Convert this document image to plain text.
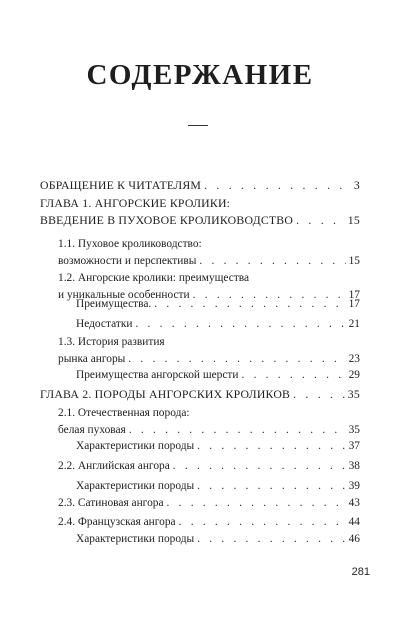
СОДЕРЖАНИЕ
ОБРАЩЕНИЕ К ЧИТАТЕЛЯМ . . .	3
ГЛАВА 1. АНГОРСКИЕ КРОЛИКИ:
ВВЕДЕНИЕ В ПУХОВОЕ КРОЛИКОВОДСТВО . . .	15
1.1. Пуховое кролиководство:
возможности и перспективы . . .	15
1.2. Ангорские кролики: преимущества
и уникальные особенности . . .	17
Преимущества. . . .	17
Недостатки . . .	21
1.3. История развития
рынка ангоры . . .	23
Преимущества ангорской шерсти . . .	29
ГЛАВА 2. ПОРОДЫ АНГОРСКИХ КРОЛИКОВ . . .	35
2.1. Отечественная порода:
белая пуховая . . .	35
Характеристики породы . . .	37
2.2. Английская ангора . . .	38
Характеристики породы . . .	39
2.3. Сатиновая ангора . . .	43
2.4. Французская ангора . . .	44
Характеристики породы . . .	46
281
